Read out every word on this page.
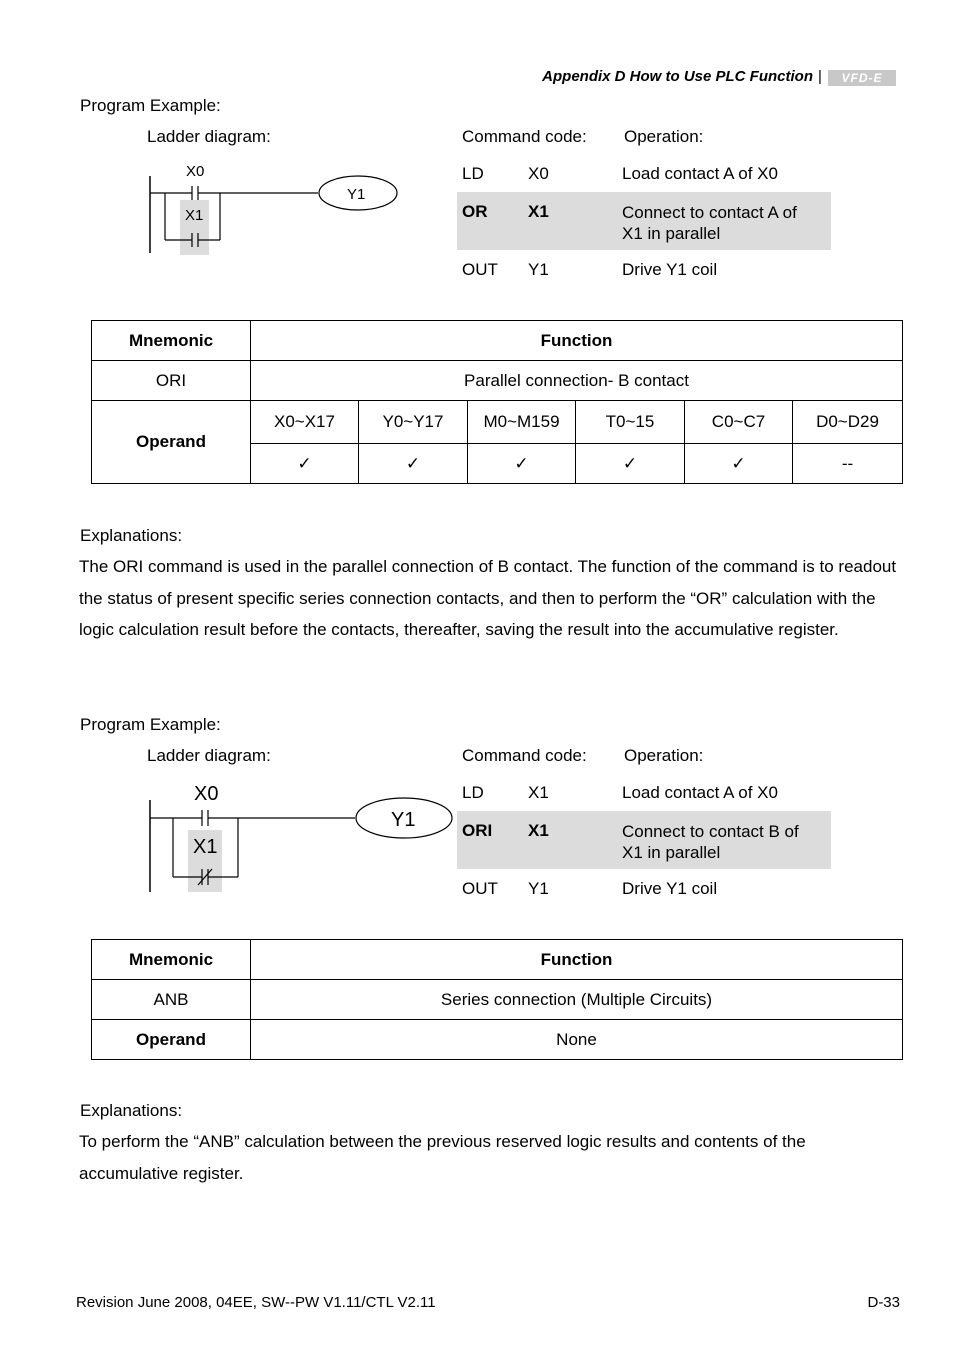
Appendix D How to Use PLC Function |	VFD-E
Program Example:
Ladder diagram:	Command code: Operation:
X0
X1
Y1
LD	X0	Load contact A of X0
OR	X1	Connect to contact A of
X1 in parallel
OUT	Y1	Drive Y1 coil
Mnemonic	Function					
ORI	Parallel connection- B contact					
Operand	X0~X17	Y0~Y17	M0~M159	T0~15	C0~C7	D0~D29
	✓	✓	✓	✓	✓	--
Explanations:
The ORI command is used in the parallel connection of B contact. The function of the command is to readout the status of present specific series connection contacts, and then to perform the “OR” calculation with the logic calculation result before the contacts, thereafter, saving the result into the accumulative register.
Program Example:
Ladder diagram:	Command code: Operation:
X0
X1
Y1
LD	X1	Load contact A of X0
ORI	X1	Connect to contact B of
X1 in parallel
OUT	Y1	Drive Y1 coil
Mnemonic	Function
ANB	Series connection (Multiple Circuits)
Operand	None
Explanations:
To perform the “ANB” calculation between the previous reserved logic results and contents of the accumulative register.
Revision June 2008, 04EE, SW--PW V1.11/CTL V2.11	D-33
